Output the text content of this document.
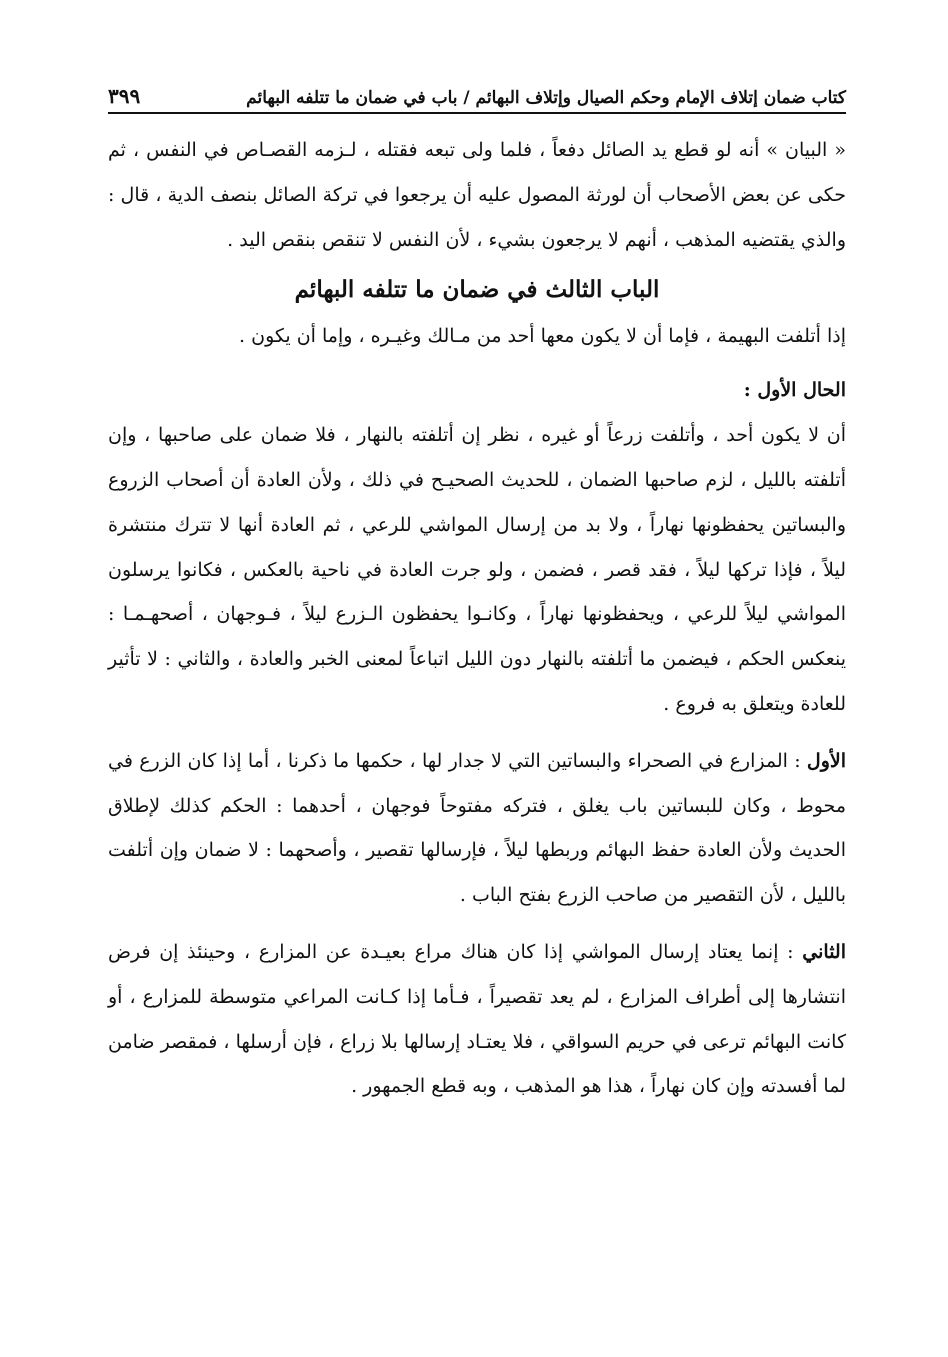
كتاب ضمان إتلاف الإمام وحكم الصيال وإتلاف البهائم / باب في ضمان ما تتلفه البهائم
٣٩٩

« البيان » أنه لو قطع يد الصائل دفعاً ، فلما ولى تبعه فقتله ، لـزمه القصـاص في النفس ، ثم حكى عن بعض الأصحاب أن لورثة المصول عليه أن يرجعوا في تركة الصائل بنصف الدية ، قال : والذي يقتضيه المذهب ، أنهم لا يرجعون بشيء ، لأن النفس لا تنقص بنقص اليد .

الباب الثالث في ضمان ما تتلفه البهائم

إذا أتلفت البهيمة ، فإما أن لا يكون معها أحد من مـالك وغيـره ، وإما أن يكون .

الحال الأول :

أن لا يكون أحد ، وأتلفت زرعاً أو غيره ، نظر إن أتلفته بالنهار ، فلا ضمان على صاحبها ، وإن أتلفته بالليل ، لزم صاحبها الضمان ، للحديث الصحيـح في ذلك ، ولأن العادة أن أصحاب الزروع والبساتين يحفظونها نهاراً ، ولا بد من إرسال المواشي للرعي ، ثم العادة أنها لا تترك منتشرة ليلاً ، فإذا تركها ليلاً ، فقد قصر ، فضمن ، ولو جرت العادة في ناحية بالعكس ، فكانوا يرسلون المواشي ليلاً للرعي ، ويحفظونها نهاراً ، وكانـوا يحفظون الـزرع ليلاً ، فـوجهان ، أصحهـمـا : ينعكس الحكم ، فيضمن ما أتلفته بالنهار دون الليل اتباعاً لمعنى الخبر والعادة ، والثاني : لا تأثير للعادة ويتعلق به فروع .

الأول : المزارع في الصحراء والبساتين التي لا جدار لها ، حكمها ما ذكرنا ، أما إذا كان الزرع في محوط ، وكان للبساتين باب يغلق ، فتركه مفتوحاً فوجهان ، أحدهما : الحكم كذلك لإطلاق الحديث ولأن العادة حفظ البهائم وربطها ليلاً ، فإرسالها تقصير ، وأصحهما : لا ضمان وإن أتلفت بالليل ، لأن التقصير من صاحب الزرع بفتح الباب .

الثاني : إنما يعتاد إرسال المواشي إذا كان هناك مراع بعيـدة عن المزارع ، وحينئذ إن فرض انتشارها إلى أطراف المزارع ، لم يعد تقصيراً ، فـأما إذا كـانت المراعي متوسطة للمزارع ، أو كانت البهائم ترعى في حريم السواقي ، فلا يعتـاد إرسالها بلا زراع ، فإن أرسلها ، فمقصر ضامن لما أفسدته وإن كان نهاراً ، هذا هو المذهب ، وبه قطع الجمهور .
